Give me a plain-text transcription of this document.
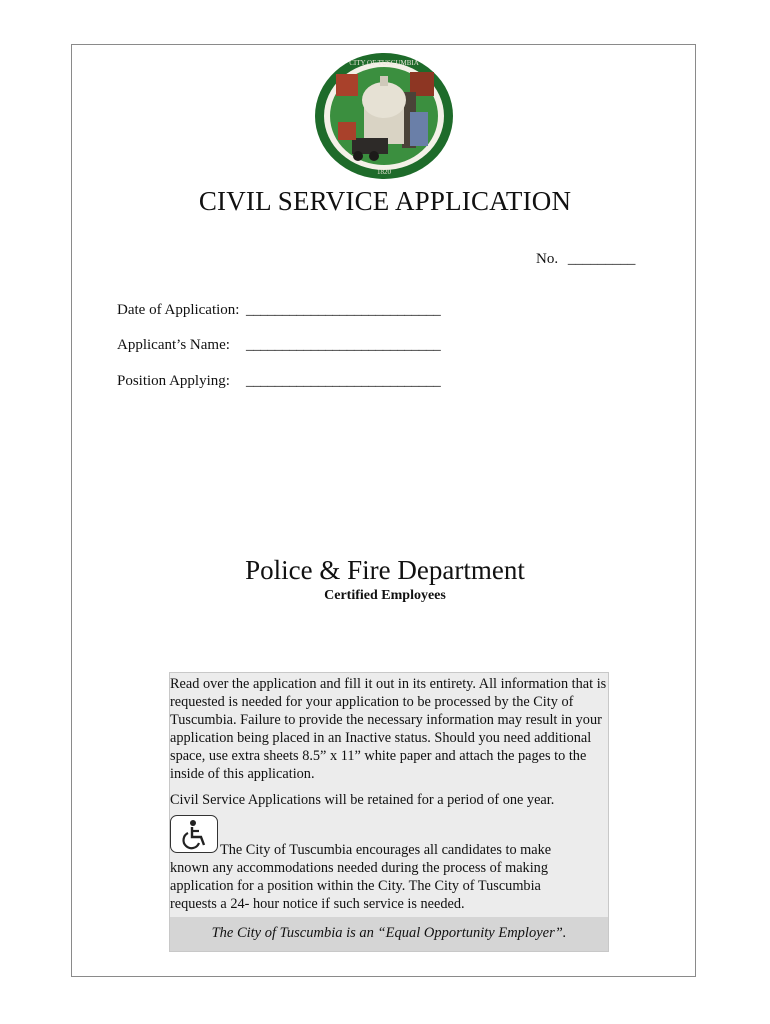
CITY OF TUSCUMBIA
1820
CIVIL SERVICE APPLICATION
No. _________
Date of Application: ___________________________
Applicant’s Name: ___________________________
Position Applying: ___________________________
Police & Fire Department
Certified Employees

Read over the application and fill it out in its entirety. All information that is requested is needed for your application to be processed by the City of Tuscumbia. Failure to provide the necessary information may result in your application being placed in an Inactive status. Should you need additional space, use extra sheets 8.5” x 11” white paper and attach the pages to the inside of this application.

Civil Service Applications will be retained for a period of one year.

The City of Tuscumbia encourages all candidates to make known any accommodations needed during the process of making application for a position within the City. The City of Tuscumbia requests a 24- hour notice if such service is needed.

The City of Tuscumbia is an “Equal Opportunity Employer”.
